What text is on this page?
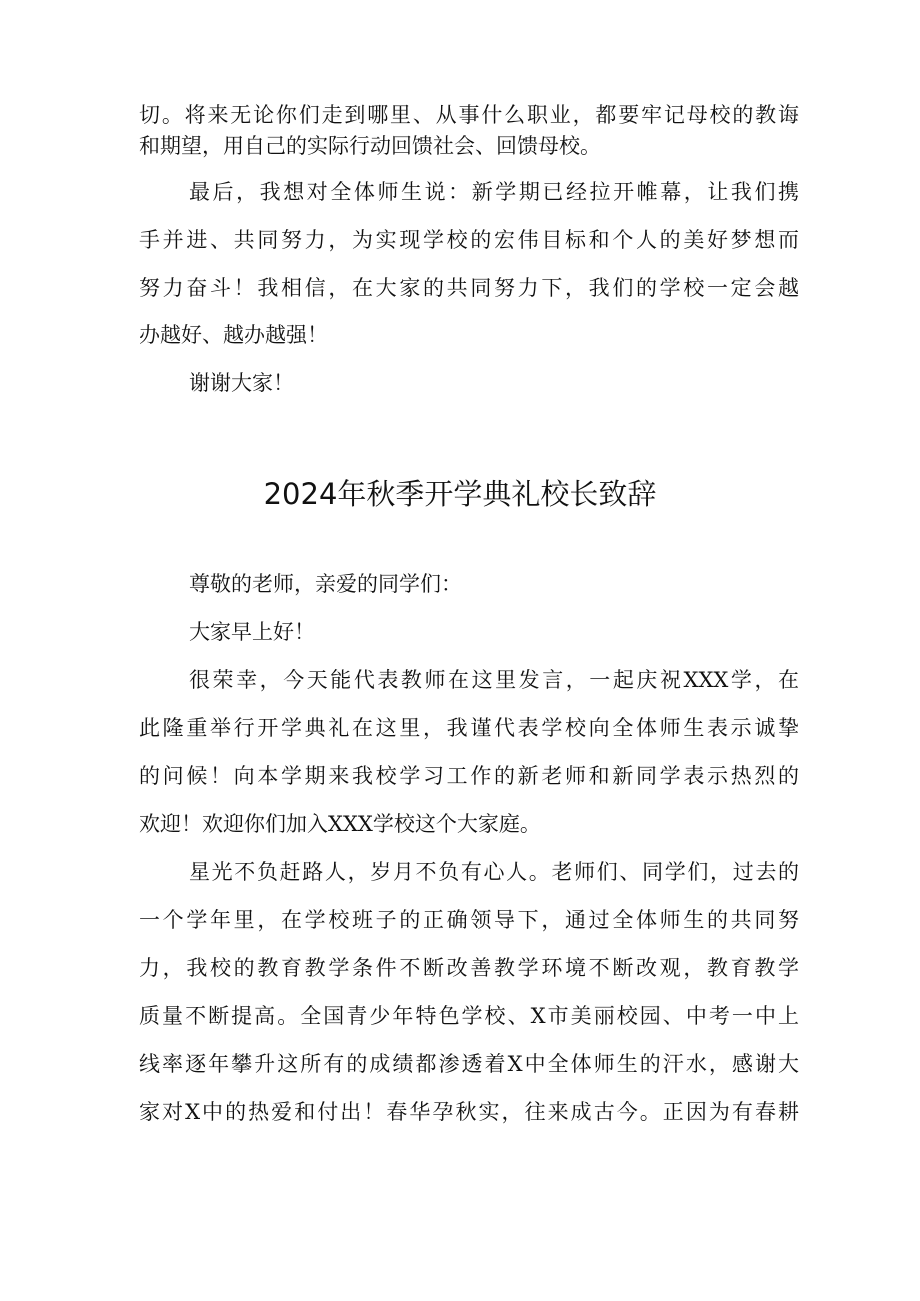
切。将来无论你们走到哪里、从事什么职业，都要牢记母校的教诲
和期望，用自己的实际行动回馈社会、回馈母校。
最后，我想对全体师生说：新学期已经拉开帷幕，让我们携
手并进、共同努力，为实现学校的宏伟目标和个人的美好梦想而
努力奋斗！我相信，在大家的共同努力下，我们的学校一定会越
办越好、越办越强！
谢谢大家！
2024年秋季开学典礼校长致辞
尊敬的老师，亲爱的同学们：
大家早上好！
很荣幸，今天能代表教师在这里发言，一起庆祝XXX学，在
此隆重举行开学典礼在这里，我谨代表学校向全体师生表示诚挚
的问候！向本学期来我校学习工作的新老师和新同学表示热烈的
欢迎！欢迎你们加入XXX学校这个大家庭。
星光不负赶路人，岁月不负有心人。老师们、同学们，过去的
一个学年里，在学校班子的正确领导下，通过全体师生的共同努
力，我校的教育教学条件不断改善教学环境不断改观，教育教学
质量不断提高。全国青少年特色学校、X市美丽校园、中考一中上
线率逐年攀升这所有的成绩都渗透着X中全体师生的汗水，感谢大
家对X中的热爱和付出！春华孕秋实，往来成古今。正因为有春耕
